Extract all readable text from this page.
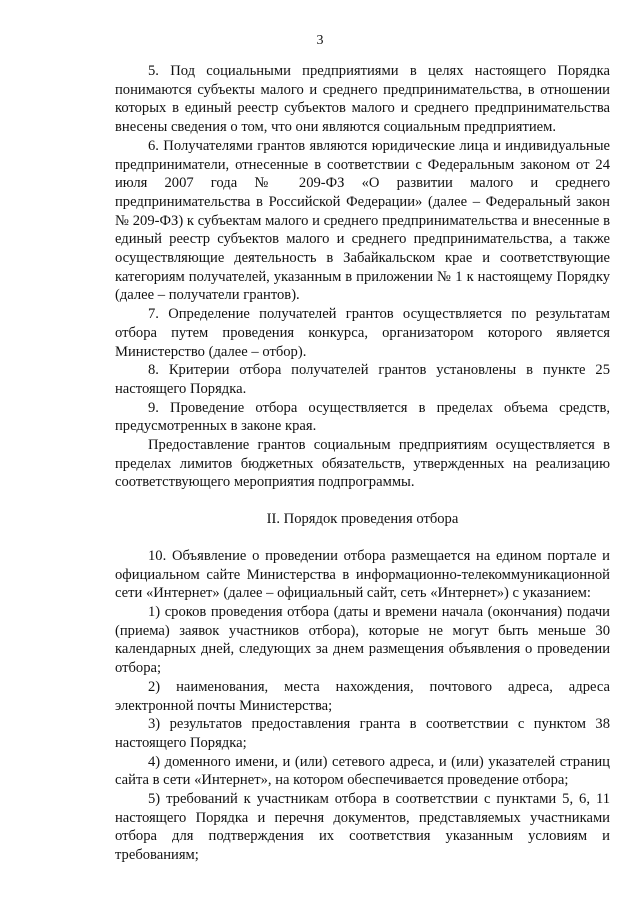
3

5. Под социальными предприятиями в целях настоящего Порядка понимаются субъекты малого и среднего предпринимательства, в отношении которых в единый реестр субъектов малого и среднего предпринимательства внесены сведения о том, что они являются социальным предприятием.

6. Получателями грантов являются юридические лица и индивидуальные предприниматели, отнесенные в соответствии с Федеральным законом от 24 июля 2007 года № 209-ФЗ «О развитии малого и среднего предпринимательства в Российской Федерации» (далее – Федеральный закон № 209-ФЗ) к субъектам малого и среднего предпринимательства и внесенные в единый реестр субъектов малого и среднего предпринимательства, а также осуществляющие деятельность в Забайкальском крае и соответствующие категориям получателей, указанным в приложении № 1 к настоящему Порядку (далее – получатели грантов).

7. Определение получателей грантов осуществляется по результатам отбора путем проведения конкурса, организатором которого является Министерство (далее – отбор).

8. Критерии отбора получателей грантов установлены в пункте 25 настоящего Порядка.

9. Проведение отбора осуществляется в пределах объема средств, предусмотренных в законе края.

Предоставление грантов социальным предприятиям осуществляется в пределах лимитов бюджетных обязательств, утвержденных на реализацию соответствующего мероприятия подпрограммы.

II. Порядок проведения отбора

10. Объявление о проведении отбора размещается на едином портале и официальном сайте Министерства в информационно-телекоммуникационной сети «Интернет» (далее – официальный сайт, сеть «Интернет») с указанием:

1) сроков проведения отбора (даты и времени начала (окончания) подачи (приема) заявок участников отбора), которые не могут быть меньше 30 календарных дней, следующих за днем размещения объявления о проведении отбора;

2) наименования, места нахождения, почтового адреса, адреса электронной почты Министерства;

3) результатов предоставления гранта в соответствии с пунктом 38 настоящего Порядка;

4) доменного имени, и (или) сетевого адреса, и (или) указателей страниц сайта в сети «Интернет», на котором обеспечивается проведение отбора;

5) требований к участникам отбора в соответствии с пунктами 5, 6, 11 настоящего Порядка и перечня документов, представляемых участниками отбора для подтверждения их соответствия указанным условиям и требованиям;
